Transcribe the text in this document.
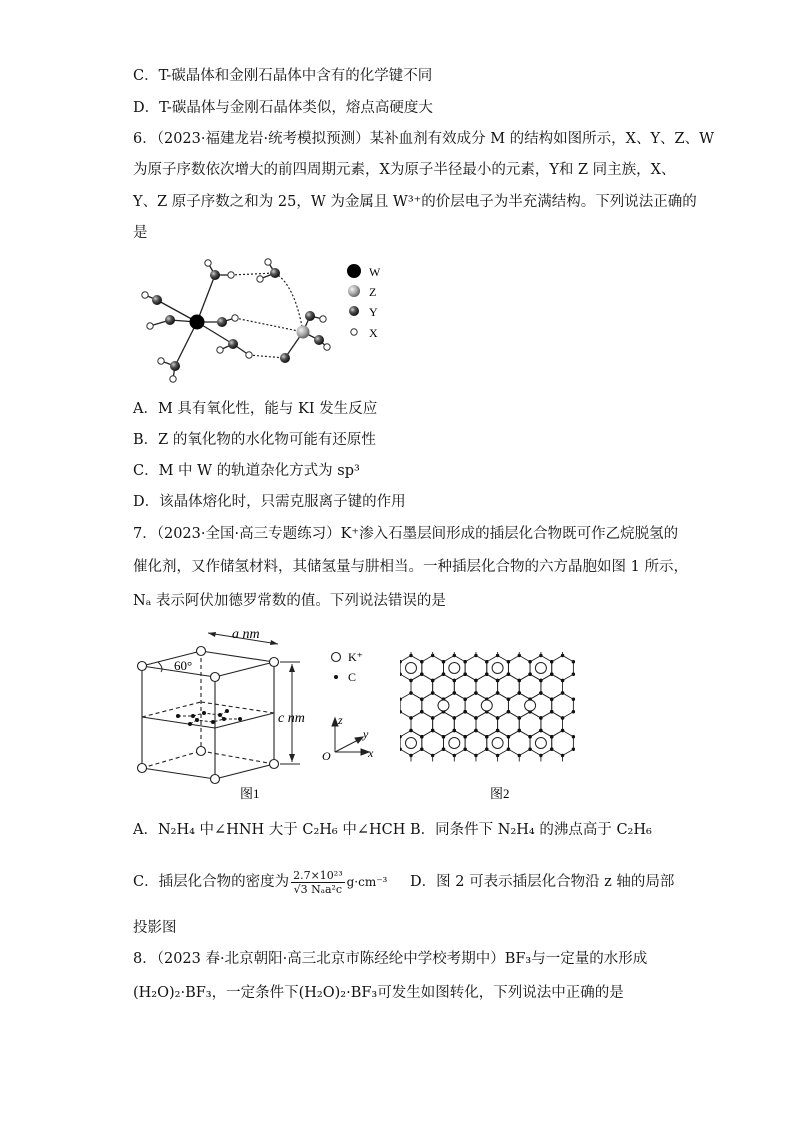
C．T-碳晶体和金刚石晶体中含有的化学键不同
D．T-碳晶体与金刚石晶体类似，熔点高硬度大
6．（2023·福建龙岩·统考模拟预测）某补血剂有效成分 M 的结构如图所示，X、Y、Z、W
为原子序数依次增大的前四周期元素，X为原子半径最小的元素，Y和 Z 同主族，X、
Y、Z 原子序数之和为 25，W 为金属且 W³⁺的价层电子为半充满结构。下列说法正确的
是
W
Z
Y
X
A．M 具有氧化性，能与 KI 发生反应
B．Z 的氧化物的水化物可能有还原性
C．M 中 W 的轨道杂化方式为 sp³
D．该晶体熔化时，只需克服离子键的作用
7．（2023·全国·高三专题练习）K⁺渗入石墨层间形成的插层化合物既可作乙烷脱氢的
催化剂，又作储氢材料，其储氢量与肼相当。一种插层化合物的六方晶胞如图 1 所示，
Nₐ 表示阿伏加德罗常数的值。下列说法错误的是
60°
a nm
c nm	z
y
x
O
K⁺
C
图1	图2
A．N₂H₄ 中∠HNH 大于 C₂H₆ 中∠HCH B．同条件下 N₂H₄ 的沸点高于 C₂H₆
C．插层化合物的密度为 $\frac{\text{2.7×10²³}}{\text{√3 Nₐa²c}} g\cdot cm^{-3}$ D．图 2 可表示插层化合物沿 z 轴的局部
投影图
8．（2023 春·北京朝阳·高三北京市陈经纶中学校考期中）BF₃与一定量的水形成
(H₂O)₂·BF₃，一定条件下(H₂O)₂·BF₃可发生如图转化，下列说法中正确的是
